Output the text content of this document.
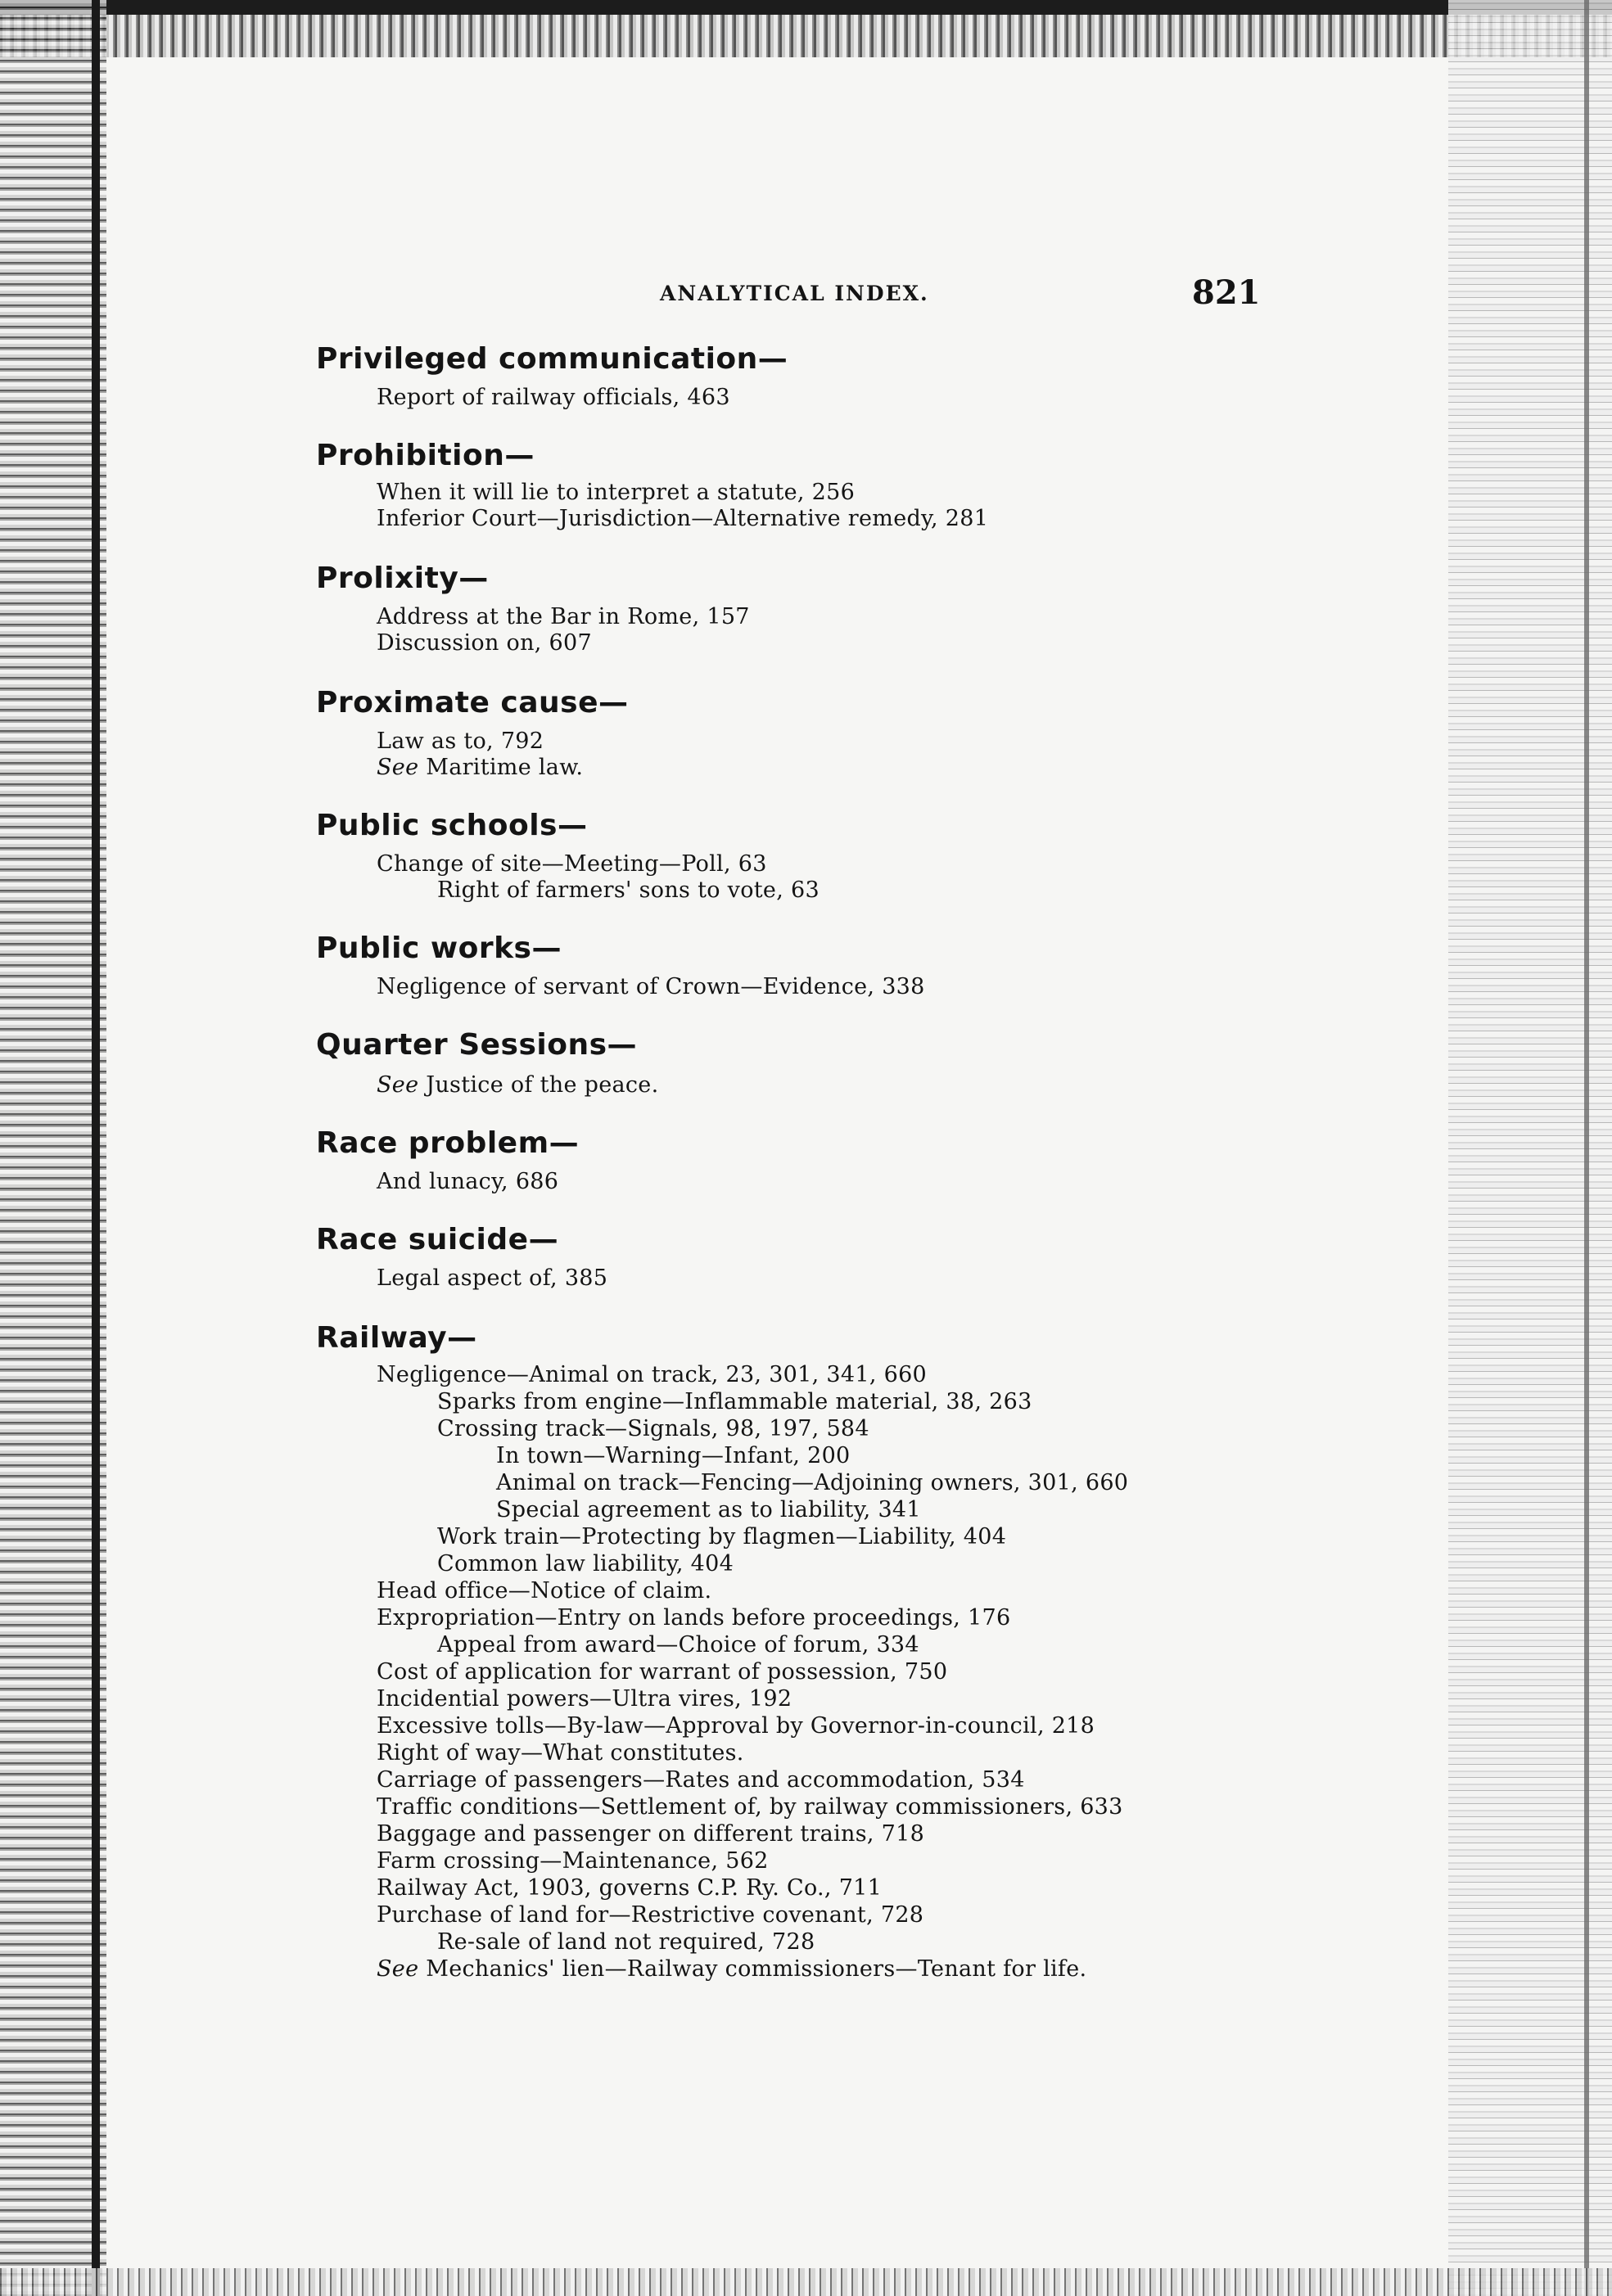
ANALYTICAL INDEX.	821
Privileged communication—
Report of railway officials, 463
Prohibition—
When it will lie to interpret a statute, 256
Inferior Court—Jurisdiction—Alternative remedy, 281
Prolixity—
Address at the Bar in Rome, 157
Discussion on, 607
Proximate cause—
Law as to, 792
See Maritime law.
Public schools—
Change of site—Meeting—Poll, 63
Right of farmers' sons to vote, 63
Public works—
Negligence of servant of Crown—Evidence, 338
Quarter Sessions—
See Justice of the peace.
Race problem—
And lunacy, 686
Race suicide—
Legal aspect of, 385
Railway—
Negligence—Animal on track, 23, 301, 341, 660
Sparks from engine—Inflammable material, 38, 263
Crossing track—Signals, 98, 197, 584
In town—Warning—Infant, 200
Animal on track—Fencing—Adjoining owners, 301, 660
Special agreement as to liability, 341
Work train—Protecting by flagmen—Liability, 404
Common law liability, 404
Head office—Notice of claim.
Expropriation—Entry on lands before proceedings, 176
Appeal from award—Choice of forum, 334
Cost of application for warrant of possession, 750
Incidential powers—Ultra vires, 192
Excessive tolls—By-law—Approval by Governor-in-council, 218
Right of way—What constitutes.
Carriage of passengers—Rates and accommodation, 534
Traffic conditions—Settlement of, by railway commissioners, 633
Baggage and passenger on different trains, 718
Farm crossing—Maintenance, 562
Railway Act, 1903, governs C.P. Ry. Co., 711
Purchase of land for—Restrictive covenant, 728
Re-sale of land not required, 728
See Mechanics' lien—Railway commissioners—Tenant for life.
